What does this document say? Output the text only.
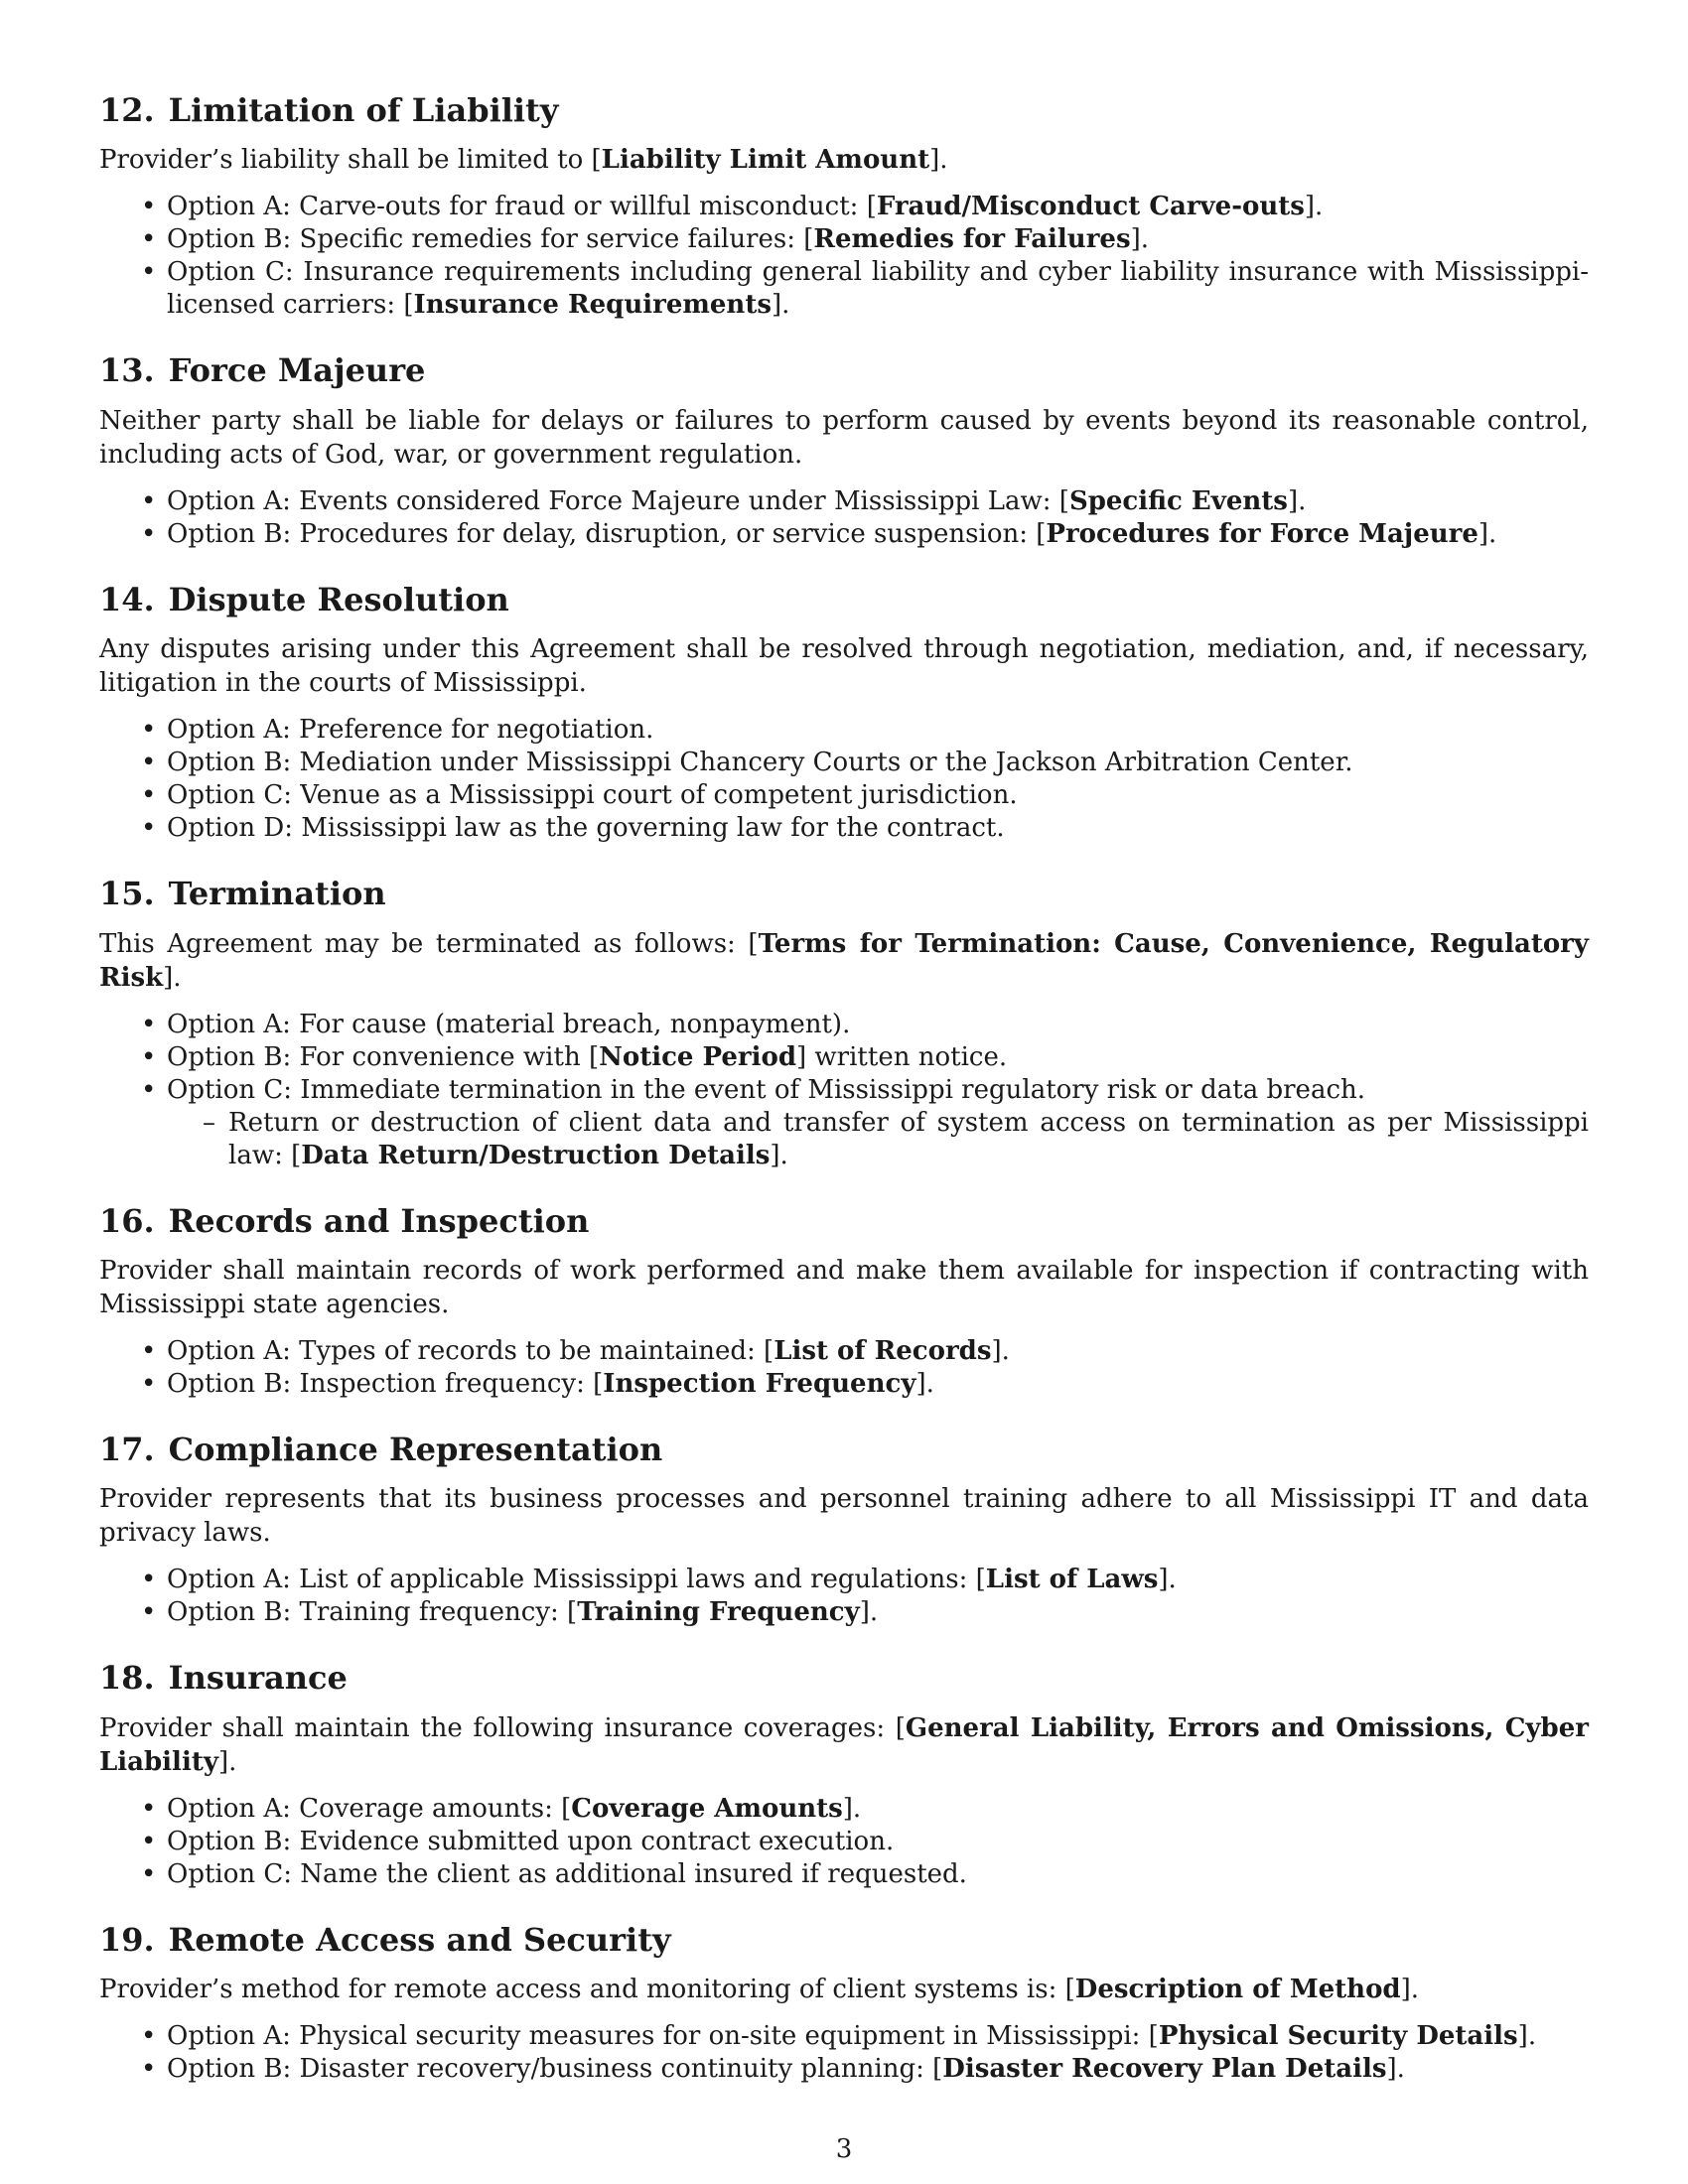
12. Limitation of Liability

Provider’s liability shall be limited to [Liability Limit Amount].

• Option A: Carve-outs for fraud or willful misconduct: [Fraud/Misconduct Carve-outs].
• Option B: Specific remedies for service failures: [Remedies for Failures].
• Option C: Insurance requirements including general liability and cyber liability insurance with Mississippi-licensed carriers: [Insurance Requirements].
13. Force Majeure

Neither party shall be liable for delays or failures to perform caused by events beyond its reasonable control, including acts of God, war, or government regulation.

• Option A: Events considered Force Majeure under Mississippi Law: [Specific Events].
• Option B: Procedures for delay, disruption, or service suspension: [Procedures for Force Majeure].
14. Dispute Resolution

Any disputes arising under this Agreement shall be resolved through negotiation, mediation, and, if necessary, litigation in the courts of Mississippi.

• Option A: Preference for negotiation.
• Option B: Mediation under Mississippi Chancery Courts or the Jackson Arbitration Center.
• Option C: Venue as a Mississippi court of competent jurisdiction.
• Option D: Mississippi law as the governing law for the contract.
15. Termination

This Agreement may be terminated as follows: [Terms for Termination: Cause, Convenience, Regulatory Risk].

• Option A: For cause (material breach, nonpayment).
• Option B: For convenience with [Notice Period] written notice.
• Option C: Immediate termination in the event of Mississippi regulatory risk or data breach.
– Return or destruction of client data and transfer of system access on termination as per Mississippi law: [Data Return/Destruction Details].
16. Records and Inspection

Provider shall maintain records of work performed and make them available for inspection if contracting with Mississippi state agencies.

• Option A: Types of records to be maintained: [List of Records].
• Option B: Inspection frequency: [Inspection Frequency].
17. Compliance Representation

Provider represents that its business processes and personnel training adhere to all Mississippi IT and data privacy laws.

• Option A: List of applicable Mississippi laws and regulations: [List of Laws].
• Option B: Training frequency: [Training Frequency].
18. Insurance

Provider shall maintain the following insurance coverages: [General Liability, Errors and Omissions, Cyber Liability].

• Option A: Coverage amounts: [Coverage Amounts].
• Option B: Evidence submitted upon contract execution.
• Option C: Name the client as additional insured if requested.
19. Remote Access and Security

Provider’s method for remote access and monitoring of client systems is: [Description of Method].

• Option A: Physical security measures for on-site equipment in Mississippi: [Physical Security Details].
• Option B: Disaster recovery/business continuity planning: [Disaster Recovery Plan Details].
3
